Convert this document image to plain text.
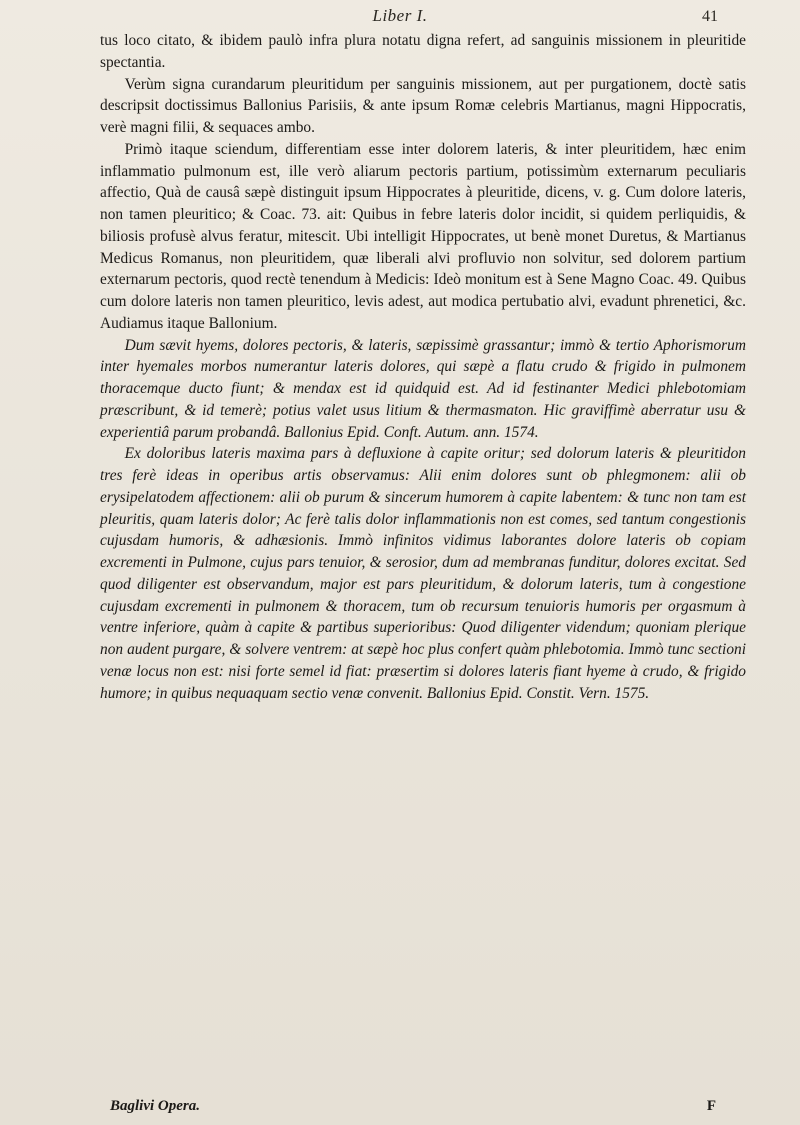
Liber I.	41

tus loco citato, & ibidem paulò infra plura notatu digna refert, ad sanguinis missionem in pleuritide spectantia.

Verùm signa curandarum pleuritidum per sanguinis missionem, aut per purgationem, doctè satis descripsit doctissimus Ballonius Parisiis, & ante ipsum Romæ celebris Martianus, magni Hippocratis, verè magni filii, & sequaces ambo.

Primò itaque sciendum, differentiam esse inter dolorem lateris, & inter pleuritidem, hæc enim inflammatio pulmonum est, ille verò aliarum pectoris partium, potissimùm externarum peculiaris affectio, Quà de causâ sæpè distinguit ipsum Hippocrates à pleuritide, dicens, v. g. Cum dolore lateris, non tamen pleuritico; & Coac. 73. ait: Quibus in febre lateris dolor incidit, si quidem perliquidis, & biliosis profusè alvus feratur, mitescit. Ubi intelligit Hippocrates, ut benè monet Duretus, & Martianus Medicus Romanus, non pleuritidem, quæ liberali alvi profluvio non solvitur, sed dolorem partium externarum pectoris, quod rectè tenendum à Medicis: Ideò monitum est à Sene Magno Coac. 49. Quibus cum dolore lateris non tamen pleuritico, levis adest, aut modica pertubatio alvi, evadunt phrenetici, &c. Audiamus itaque Ballonium.

Dum sævit hyems, dolores pectoris, & lateris, sæpissimè grassantur; immò & tertio Aphorismorum inter hyemales morbos numerantur lateris dolores, qui sæpè a flatu crudo & frigido in pulmonem thoracemque ducto fiunt; & mendax est id quidquid est. Ad id festinanter Medici phlebotomiam præscribunt, & id temerè; potius valet usus litium & thermasmaton. Hic graviffimè aberratur usu & experientiâ parum probandâ. Ballonius Epid. Conft. Autum. ann. 1574.

Ex doloribus lateris maxima pars à defluxione à capite oritur; sed dolorum lateris & pleuritidon tres ferè ideas in operibus artis observamus: Alii enim dolores sunt ob phlegmonem: alii ob erysipelatodem affectionem: alii ob purum & sincerum humorem à capite labentem: & tunc non tam est pleuritis, quam lateris dolor; Ac ferè talis dolor inflammationis non est comes, sed tantum congestionis cujusdam humoris, & adhæsionis. Immò infinitos vidimus laborantes dolore lateris ob copiam excrementi in Pulmone, cujus pars tenuior, & serosior, dum ad membranas funditur, dolores excitat. Sed quod diligenter est observandum, major est pars pleuritidum, & dolorum lateris, tum à congestione cujusdam excrementi in pulmonem & thoracem, tum ob recursum tenuioris humoris per orgasmum à ventre inferiore, quàm à capite & partibus superioribus: Quod diligenter videndum; quoniam plerique non audent purgare, & solvere ventrem: at sæpè hoc plus confert quàm phlebotomia. Immò tunc sectioni venæ locus non est: nisi forte semel id fiat: præsertim si dolores lateris fiant hyeme à crudo, & frigido humore; in quibus nequaquam sectio venæ convenit. Ballonius Epid. Constit. Vern. 1575.

Baglivi Opera.	F
